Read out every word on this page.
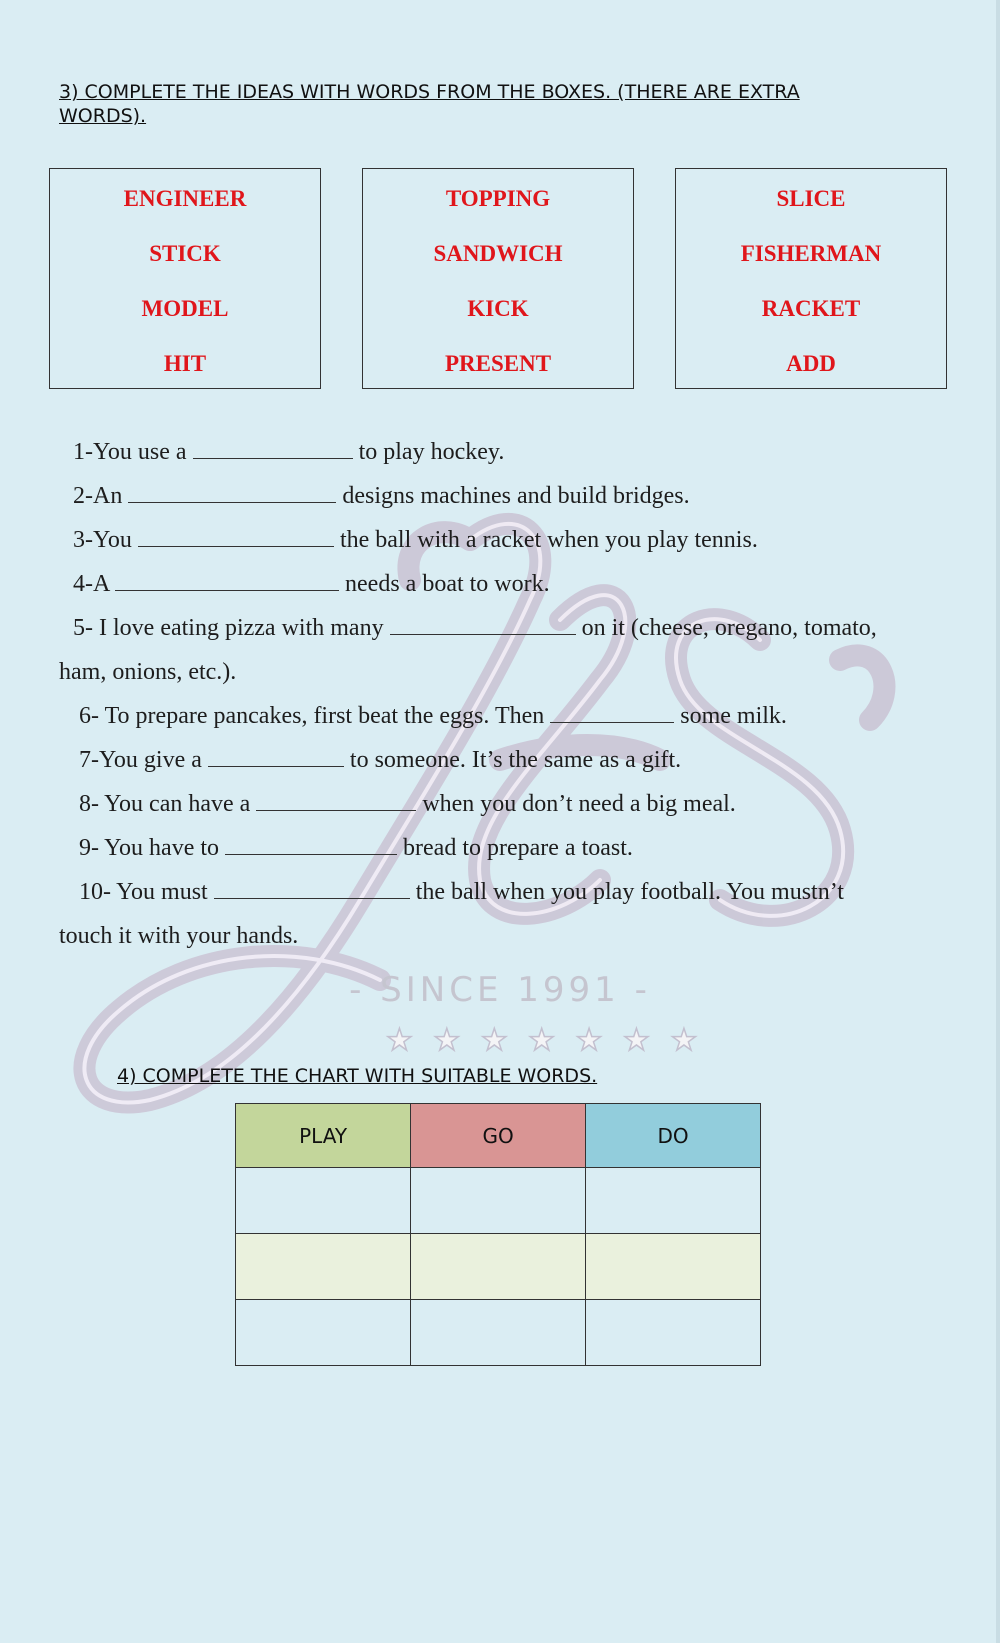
3) COMPLETE THE IDEAS WITH WORDS FROM THE BOXES. (THERE ARE EXTRA
WORDS).
ENGINEER
STICK
MODEL
HIT
TOPPING
SANDWICH
KICK
PRESENT
SLICE
FISHERMAN
RACKET
ADD
- SINCE 1991 -
★ ★ ★ ★ ★ ★ ★
1-You use a	to play hockey.
2-An	designs machines and build bridges.
3-You	the ball with a racket when you play tennis.
4-A	needs a boat to work.
5- I love eating pizza with many	on it (cheese, oregano, tomato,
ham, onions, etc.).
6- To prepare pancakes, first beat the eggs. Then	some milk.
7-You give a	to someone. It’s the same as a gift.
8- You can have a	when you don’t need a big meal.
9- You have to	bread to prepare a toast.
10- You must	the ball when you play football. You mustn’t
touch it with your hands.
4) COMPLETE THE CHART WITH SUITABLE WORDS.
PLAY	GO	DO
